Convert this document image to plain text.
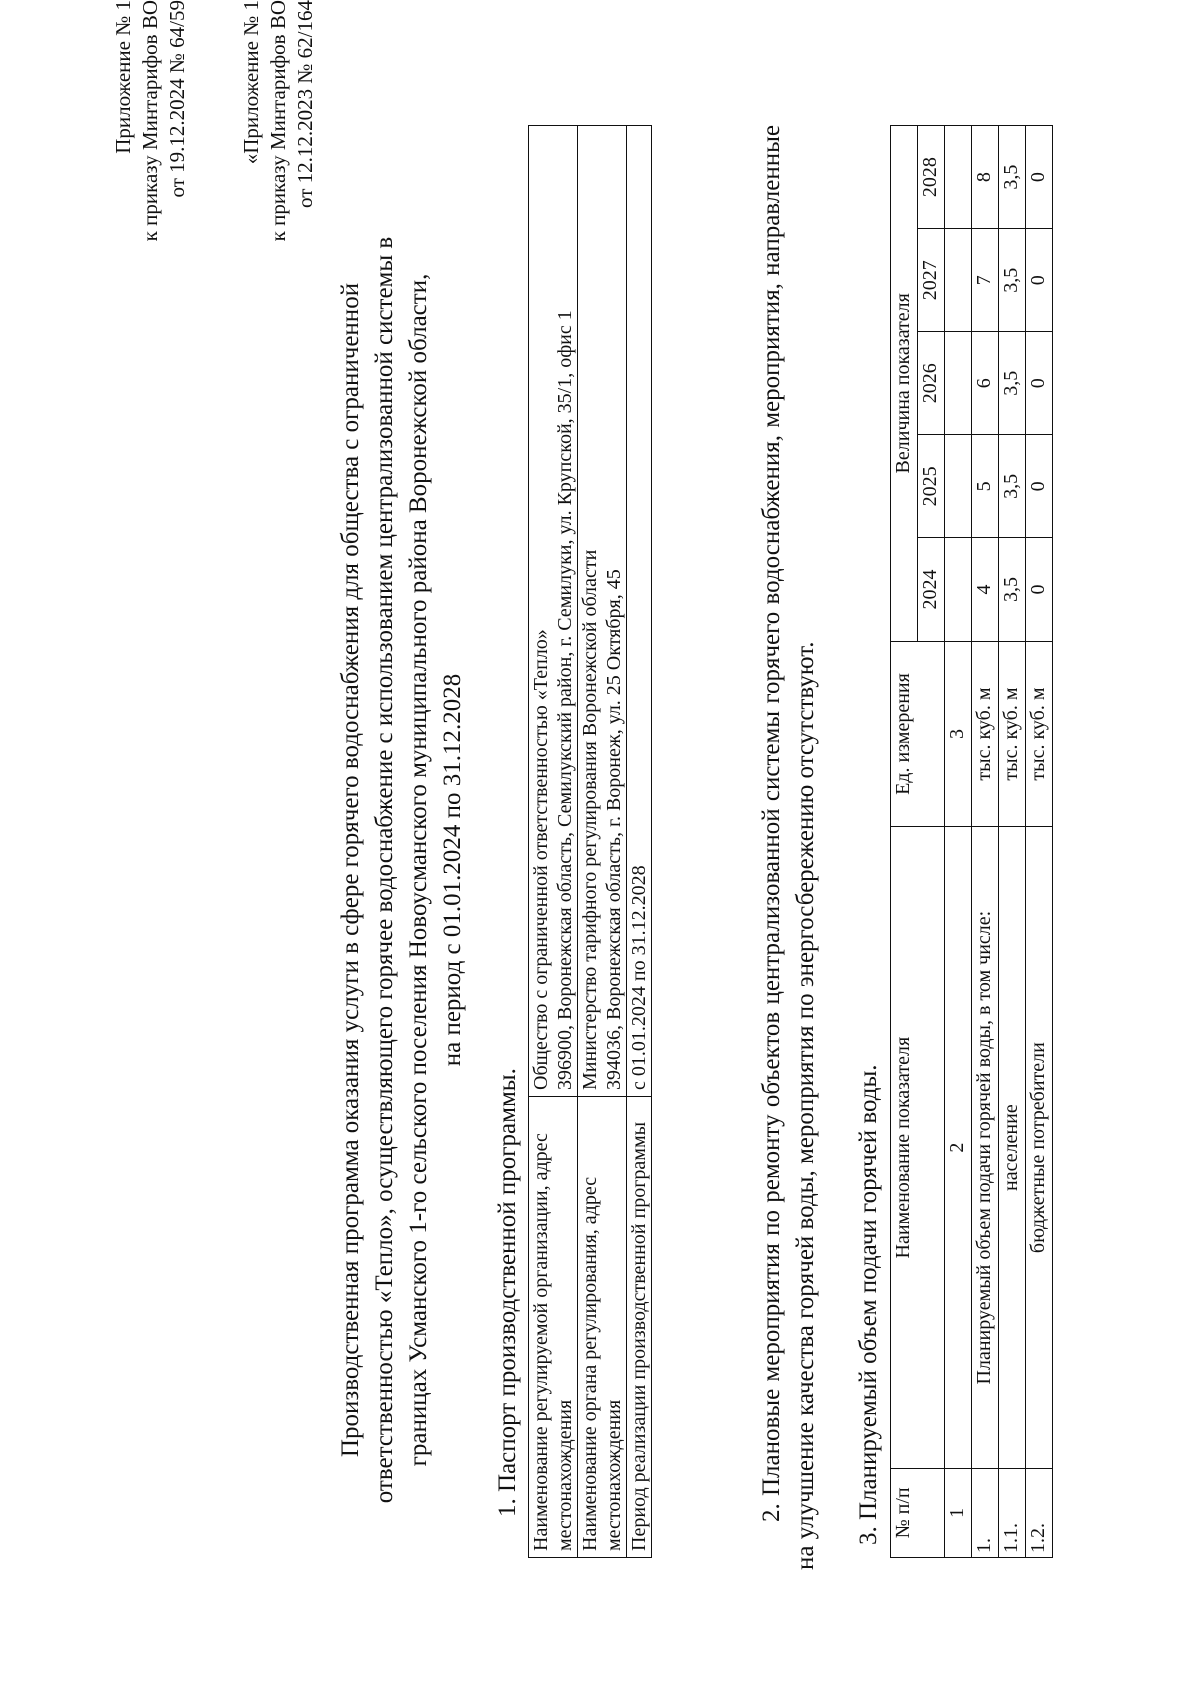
Приложение № 1 к приказу Минтарифов ВО от 19.12.2024 № 64/59 «Приложение № 1 к приказу Минтарифов ВО от 12.12.2023 № 62/164
Производственная программа оказания услуги в сфере горячего водоснабжения для общества с ограниченной ответственностью «Тепло», осуществляющего горячее водоснабжение с использованием централизованной системы в границах Усманского 1-го сельского поселения Новоусманского муниципального района Воронежской области, на период с 01.01.2024 по 31.12.2028
1. Паспорт производственной программы. Наименование регулируемой организации, адрес местонахождения	Общество с ограниченной ответственностью «Тепло» 396900, Воронежская область, Семилукский район, г. Семилуки, ул. Крупской, 35/1, офис 1

Наименование органа регулирования, адрес местонахождения	Министерство тарифного регулирования Воронежской области 394036, Воронежская область, г. Воронеж, ул. 25 Октября, 45

Период реализации производственной программы	с 01.01.2024 по 31.12.2028	2. Плановые мероприятия по ремонту объектов централизованной системы горячего водоснабжения, мероприятия, направленные на улучшение качества горячей воды, мероприятия по энергосбережению отсутствуют. 3. Планируемый объем подачи горячей воды. № п/п	Наименование показателя	Ед. измерения	Величина показателя				
			2024	2025	2026	2027	2028
1	2	3					
1.	Планируемый объем подачи горячей воды, в том числе:	тыс. куб. м	4	5	6	7	8
1.1.	население	тыс. куб. м	3,5	3,5	3,5	3,5	3,5
1.2.	бюджетные потребители	тыс. куб. м	0	0	0	0	0
